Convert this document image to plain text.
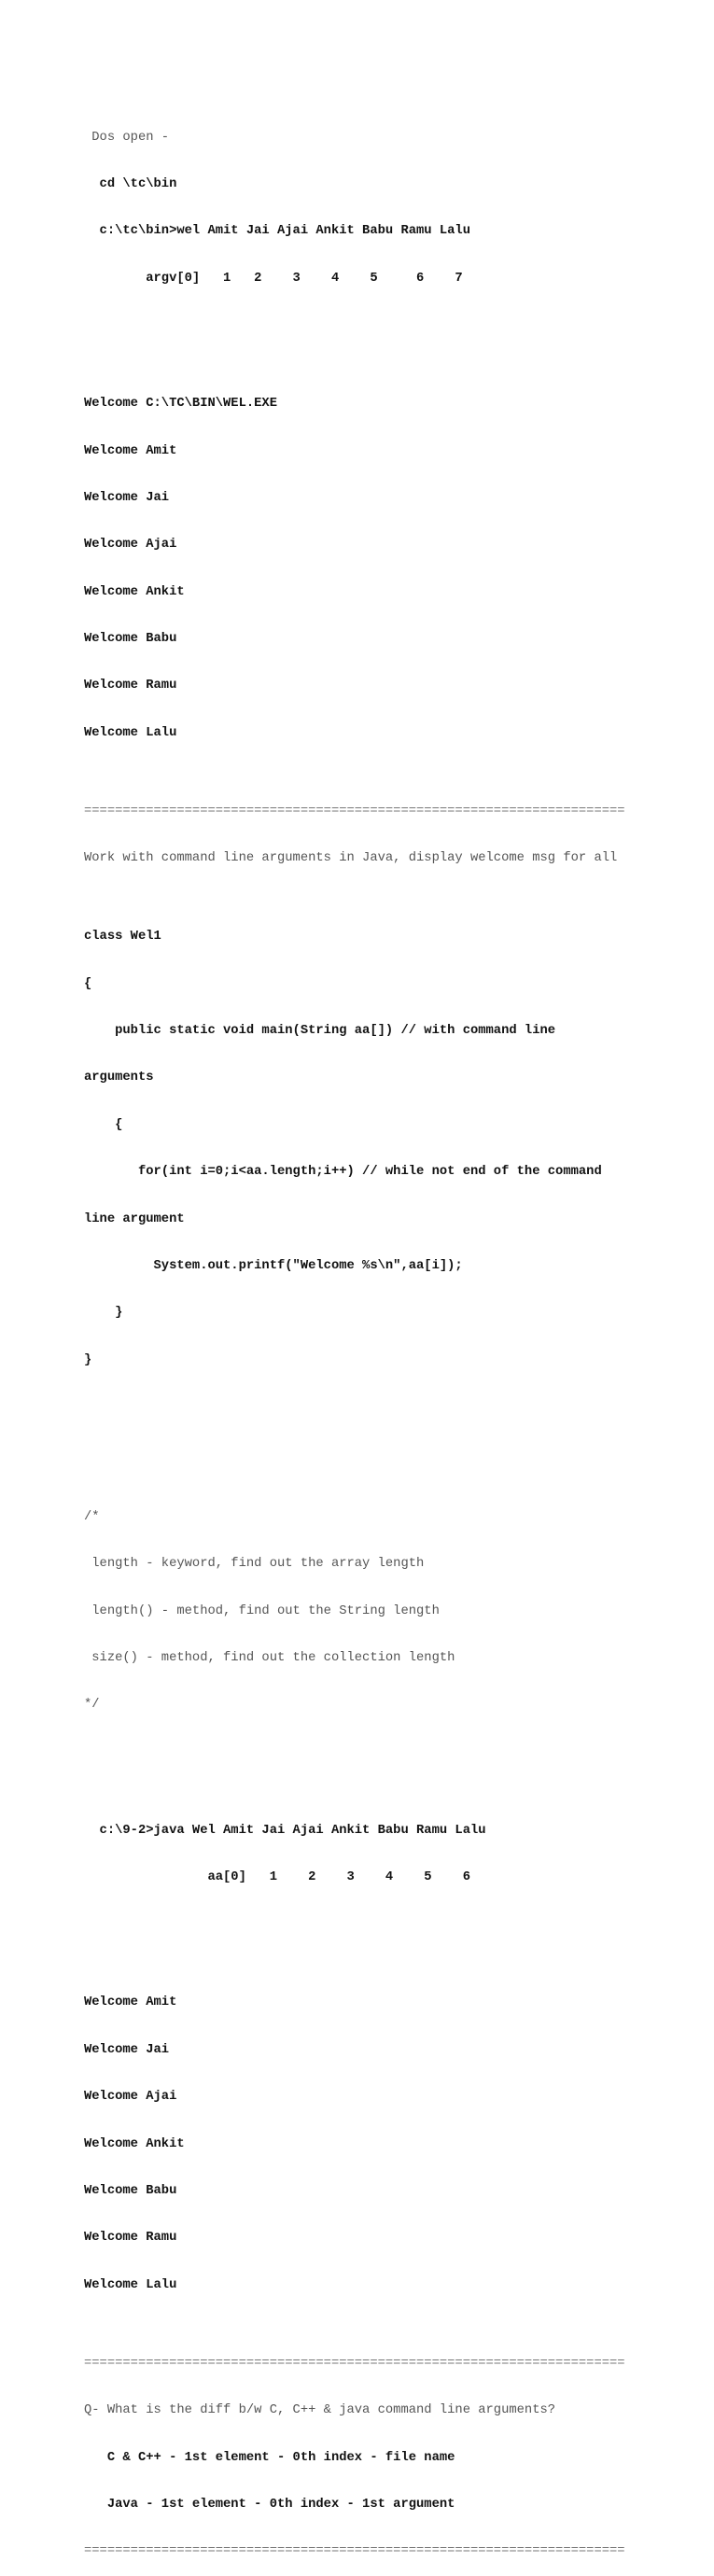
Dos open -

cd \tc\bin

c:\tc\bin>wel Amit Jai Ajai Ankit Babu Ramu Lalu

argv[0]   1   2    3    4    5     6    7

Welcome C:\TC\BIN\WEL.EXE

Welcome Amit

Welcome Jai

Welcome Ajai

Welcome Ankit

Welcome Babu

Welcome Ramu

Welcome Lalu

======================================================================

Work with command line arguments in Java, display welcome msg for all

class Wel1

{

public static void main(String aa[]) // with command line

arguments

{

for(int i=0;i<aa.length;i++) // while not end of the command

line argument

System.out.printf("Welcome %s\n",aa[i]);

}

}

/*

length - keyword, find out the array length

length() - method, find out the String length

size() - method, find out the collection length

*/

c:\9-2>java Wel Amit Jai Ajai Ankit Babu Ramu Lalu

aa[0]   1    2    3    4    5    6

Welcome Amit

Welcome Jai

Welcome Ajai

Welcome Ankit

Welcome Babu

Welcome Ramu

Welcome Lalu

======================================================================

Q- What is the diff b/w C, C++ & java command line arguments?

C & C++ - 1st element - 0th index - file name

Java - 1st element - 0th index - 1st argument

======================================================================
